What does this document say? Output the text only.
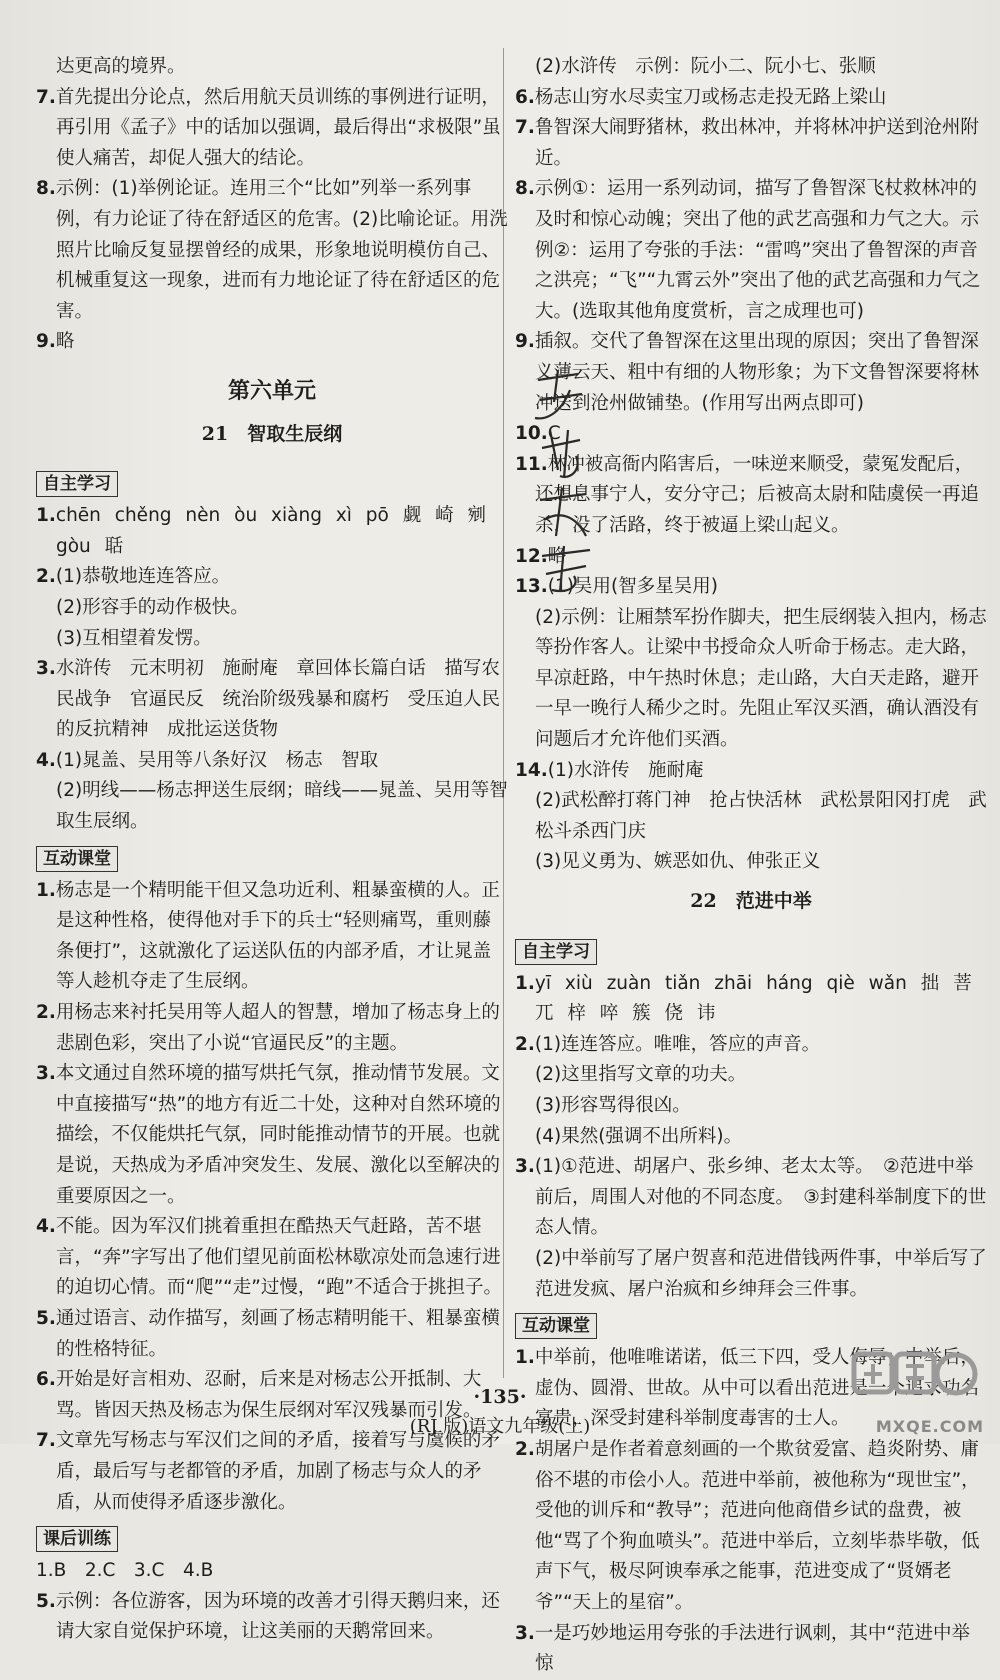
达更高的境界。
7.首先提出分论点，然后用航天员训练的事例进行证明，再引用《孟子》中的话加以强调，最后得出“求极限”虽使人痛苦，却促人强大的结论。
8.示例：(1)举例论证。连用三个“比如”列举一系列事例，有力论证了待在舒适区的危害。(2)比喻论证。用洗照片比喻反复显摆曾经的成果，形象地说明模仿自己、机械重复这一现象，进而有力地论证了待在舒适区的危害。
9.略
第六单元
21　智取生辰纲
自主学习
1.chēn chěng nèn òu xiàng xì pō 觑 崎 剜
gòu 聒
2.(1)恭敬地连连答应。
(2)形容手的动作极快。
(3)互相望着发愣。
3.水浒传　元末明初　施耐庵　章回体长篇白话　描写农民战争　官逼民反　统治阶级残暴和腐朽　受压迫人民的反抗精神　成批运送货物
4.(1)晁盖、吴用等八条好汉　杨志　智取
(2)明线——杨志押送生辰纲；暗线——晁盖、吴用等智取生辰纲。
互动课堂
1.杨志是一个精明能干但又急功近利、粗暴蛮横的人。正是这种性格，使得他对手下的兵士“轻则痛骂，重则藤条便打”，这就激化了运送队伍的内部矛盾，才让晁盖等人趁机夺走了生辰纲。
2.用杨志来衬托吴用等人超人的智慧，增加了杨志身上的悲剧色彩，突出了小说“官逼民反”的主题。
3.本文通过自然环境的描写烘托气氛，推动情节发展。文中直接描写“热”的地方有近二十处，这种对自然环境的描绘，不仅能烘托气氛，同时能推动情节的开展。也就是说，天热成为矛盾冲突发生、发展、激化以至解决的重要原因之一。
4.不能。因为军汉们挑着重担在酷热天气赶路，苦不堪言，“奔”字写出了他们望见前面松林歇凉处而急速行进的迫切心情。而“爬”“走”过慢，“跑”不适合于挑担子。
5.通过语言、动作描写，刻画了杨志精明能干、粗暴蛮横的性格特征。
6.开始是好言相劝、忍耐，后来是对杨志公开抵制、大骂。皆因天热及杨志为保生辰纲对军汉残暴而引发。
7.文章先写杨志与军汉们之间的矛盾，接着写与虞候的矛盾，最后写与老都管的矛盾，加剧了杨志与众人的矛盾，从而使得矛盾逐步激化。
课后训练
1.B　2.C　3.C　4.B
5.示例：各位游客，因为环境的改善才引得天鹅归来，还请大家自觉保护环境，让这美丽的天鹅常回来。
(2)水浒传　示例：阮小二、阮小七、张顺
6.杨志山穷水尽卖宝刀或杨志走投无路上梁山
7.鲁智深大闹野猪林，救出林冲，并将林冲护送到沧州附近。
8.示例①：运用一系列动词，描写了鲁智深飞杖救林冲的及时和惊心动魄；突出了他的武艺高强和力气之大。示例②：运用了夸张的手法：“雷鸣”突出了鲁智深的声音之洪亮；“飞”“九霄云外”突出了他的武艺高强和力气之大。(选取其他角度赏析，言之成理也可)
9.插叙。交代了鲁智深在这里出现的原因；突出了鲁智深义薄云天、粗中有细的人物形象；为下文鲁智深要将林冲送到沧州做铺垫。(作用写出两点即可)
10.C
11.林冲被高衙内陷害后，一味逆来顺受，蒙冤发配后，还想息事宁人，安分守己；后被高太尉和陆虞侯一再追杀，没了活路，终于被逼上梁山起义。
12.略
13.(1)吴用(智多星吴用)
(2)示例：让厢禁军扮作脚夫，把生辰纲装入担内，杨志等扮作客人。让梁中书授命众人听命于杨志。走大路，早凉赶路，中午热时休息；走山路，大白天走路，避开一早一晚行人稀少之时。先阻止军汉买酒，确认酒没有问题后才允许他们买酒。
14.(1)水浒传　施耐庵
(2)武松醉打蒋门神　抢占快活林　武松景阳冈打虎　武松斗杀西门庆
(3)见义勇为、嫉恶如仇、伸张正义
22　范进中举
自主学习
1.yī xiù zuàn tiǎn zhāi háng qiè wǎn 拙 菩
兀 梓 啐 簇 侥 讳
2.(1)连连答应。唯唯，答应的声音。
(2)这里指写文章的功夫。
(3)形容骂得很凶。
(4)果然(强调不出所料)。
3.(1)①范进、胡屠户、张乡绅、老太太等。　②范进中举前后，周围人对他的不同态度。　③封建科举制度下的世态人情。
(2)中举前写了屠户贺喜和范进借钱两件事，中举后写了范进发疯、屠户治疯和乡绅拜会三件事。
互动课堂
1.中举前，他唯唯诺诺，低三下四，受人侮辱；中举后，虚伪、圆滑、世故。从中可以看出范进是一个追求功名富贵，深受封建科举制度毒害的士人。
2.胡屠户是作者着意刻画的一个欺贫爱富、趋炎附势、庸俗不堪的市侩小人。范进中举前，被他称为“现世宝”，受他的训斥和“教导”；范进向他商借乡试的盘费，被他“骂了个狗血喷头”。范进中举后，立刻毕恭毕敬，低声下气，极尽阿谀奉承之能事，范进变成了“贤婿老爷”“天上的星宿”。
3.一是巧妙地运用夸张的手法进行讽刺，其中“范进中举惊
·135·
(RJ 版)语文九年级(上)	MXQE.COM
